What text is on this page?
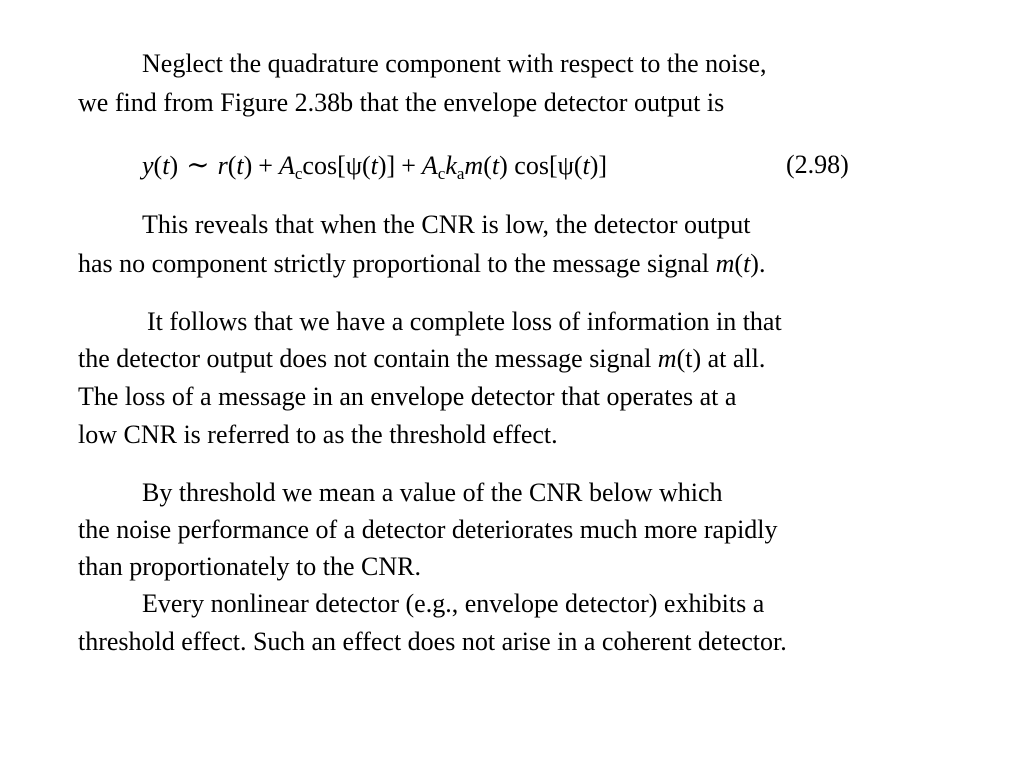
Neglect the quadrature component with respect to the noise,
we find from Figure 2.38b that the envelope detector output is
y(t) ∼ $r(t) + A_c\cos[\psi(t)] + A_ck_am(t)$ cos[ψ(t)]	(2.98)
This reveals that when the CNR is low, the detector output
has no component strictly proportional to the message signal m(t).
It follows that we have a complete loss of information in that
the detector output does not contain the message signal m(t) at all.
The loss of a message in an envelope detector that operates at a
low CNR is referred to as the threshold effect.
By threshold we mean a value of the CNR below which
the noise performance of a detector deteriorates much more rapidly
than proportionately to the CNR.
Every nonlinear detector (e.g., envelope detector) exhibits a
threshold effect. Such an effect does not arise in a coherent detector.
